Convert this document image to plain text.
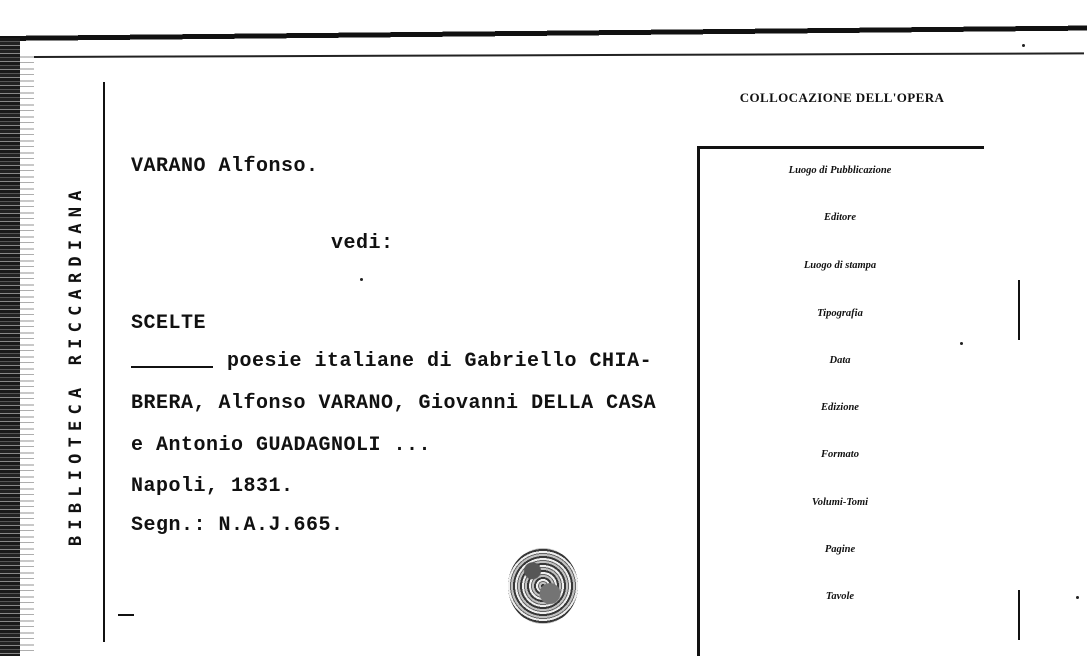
BIBLIOTECA RICCARDIANA
VARANO Alfonso.
vedi:
SCELTE
poesie italiane di Gabriello CHIA-
BRERA, Alfonso VARANO, Giovanni DELLA CASA
e Antonio GUADAGNOLI ...
Napoli, 1831.
Segn.: N.A.J.665.
COLLOCAZIONE DELL'OPERA
Luogo di Pubblicazione
Editore
Luogo di stampa
Tipografia
Data
Edizione
Formato
Volumi-Tomi
Pagine
Tavole
